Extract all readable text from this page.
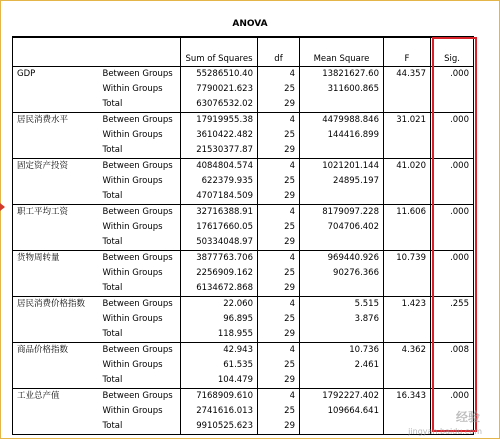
ANOVA
		Sum of Squares	df	Mean Square	F	Sig.
GDP	Between Groups	55286510.40	4	13821627.60	44.357	.000
	Within Groups	7790021.623	25	311600.865		
	Total	63076532.02	29			
居民消费水平	Between Groups	17919955.38	4	4479988.846	31.021	.000
	Within Groups	3610422.482	25	144416.899		
	Total	21530377.87	29			
固定资产投资	Between Groups	4084804.574	4	1021201.144	41.020	.000
	Within Groups	622379.935	25	24895.197		
	Total	4707184.509	29			
职工平均工资	Between Groups	32716388.91	4	8179097.228	11.606	.000
	Within Groups	17617660.05	25	704706.402		
	Total	50334048.97	29			
货物周转量	Between Groups	3877763.706	4	969440.926	10.739	.000
	Within Groups	2256909.162	25	90276.366		
	Total	6134672.868	29			
居民消费价格指数	Between Groups	22.060	4	5.515	1.423	.255
	Within Groups	96.895	25	3.876		
	Total	118.955	29			
商品价格指数	Between Groups	42.943	4	10.736	4.362	.008
	Within Groups	61.535	25	2.461		
	Total	104.479	29			
工业总产值	Between Groups	7168909.610	4	1792227.402	16.343	.000
	Within Groups	2741616.013	25	109664.641		
	Total	9910525.623	29			
经验
jingyan.baidu.com
